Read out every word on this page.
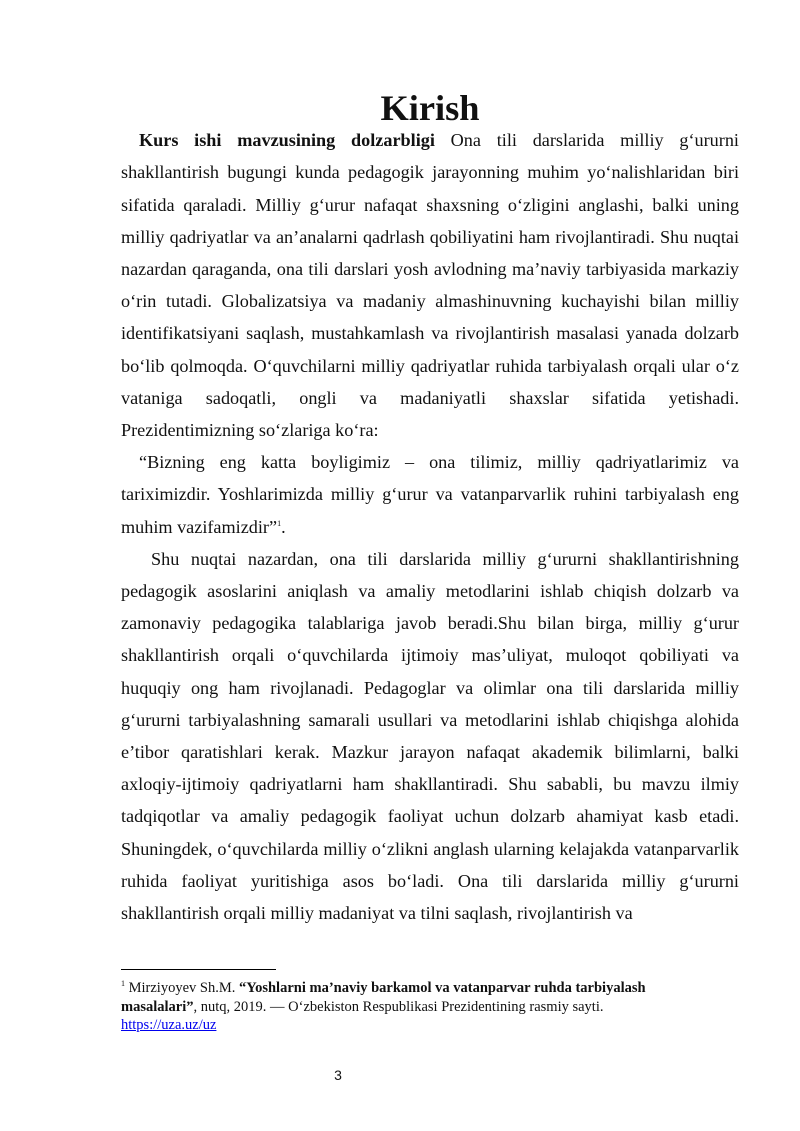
Kirish

Kurs ishi mavzusining dolzarbligi Ona tili darslarida milliy g‘ururni shakllantirish bugungi kunda pedagogik jarayonning muhim yo‘nalishlaridan biri sifatida qaraladi. Milliy g‘urur nafaqat shaxsning o‘zligini anglashi, balki uning milliy qadriyatlar va an’analarni qadrlash qobiliyatini ham rivojlantiradi. Shu nuqtai nazardan qaraganda, ona tili darslari yosh avlodning ma’naviy tarbiyasida markaziy o‘rin tutadi. Globalizatsiya va madaniy almashinuvning kuchayishi bilan milliy identifikatsiyani saqlash, mustahkamlash va rivojlantirish masalasi yanada dolzarb bo‘lib qolmoqda. O‘quvchilarni milliy qadriyatlar ruhida tarbiyalash orqali ular o‘z vataniga sadoqatli, ongli va madaniyatli shaxslar sifatida yetishadi. Prezidentimizning so‘zlariga ko‘ra:

“Bizning eng katta boyligimiz – ona tilimiz, milliy qadriyatlarimiz va tariximizdir. Yoshlarimizda milliy g‘urur va vatanparvarlik ruhini tarbiyalash eng muhim vazifamizdir”$^1$.

Shu nuqtai nazardan, ona tili darslarida milliy g‘ururni shakllantirishning pedagogik asoslarini aniqlash va amaliy metodlarini ishlab chiqish dolzarb va zamonaviy pedagogika talablariga javob beradi.Shu bilan birga, milliy g‘urur shakllantirish orqali o‘quvchilarda ijtimoiy mas’uliyat, muloqot qobiliyati va huquqiy ong ham rivojlanadi. Pedagoglar va olimlar ona tili darslarida milliy g‘ururni tarbiyalashning samarali usullari va metodlarini ishlab chiqishga alohida e’tibor qaratishlari kerak. Mazkur jarayon nafaqat akademik bilimlarni, balki axloqiy-ijtimoiy qadriyatlarni ham shakllantiradi. Shu sababli, bu mavzu ilmiy tadqiqotlar va amaliy pedagogik faoliyat uchun dolzarb ahamiyat kasb etadi. Shuningdek, o‘quvchilarda milliy o‘zlikni anglash ularning kelajakda vatanparvarlik ruhida faoliyat yuritishiga asos bo‘ladi. Ona tili darslarida milliy g‘ururni shakllantirish orqali milliy madaniyat va tilni saqlash, rivojlantirish va

$^1$ Mirziyoyev Sh.M. “Yoshlarni ma’naviy barkamol va vatanparvar ruhda tarbiyalash masalalari”, nutq, 2019. — O‘zbekiston Respublikasi Prezidentining rasmiy sayti.
https://uza.uz/uz
3
